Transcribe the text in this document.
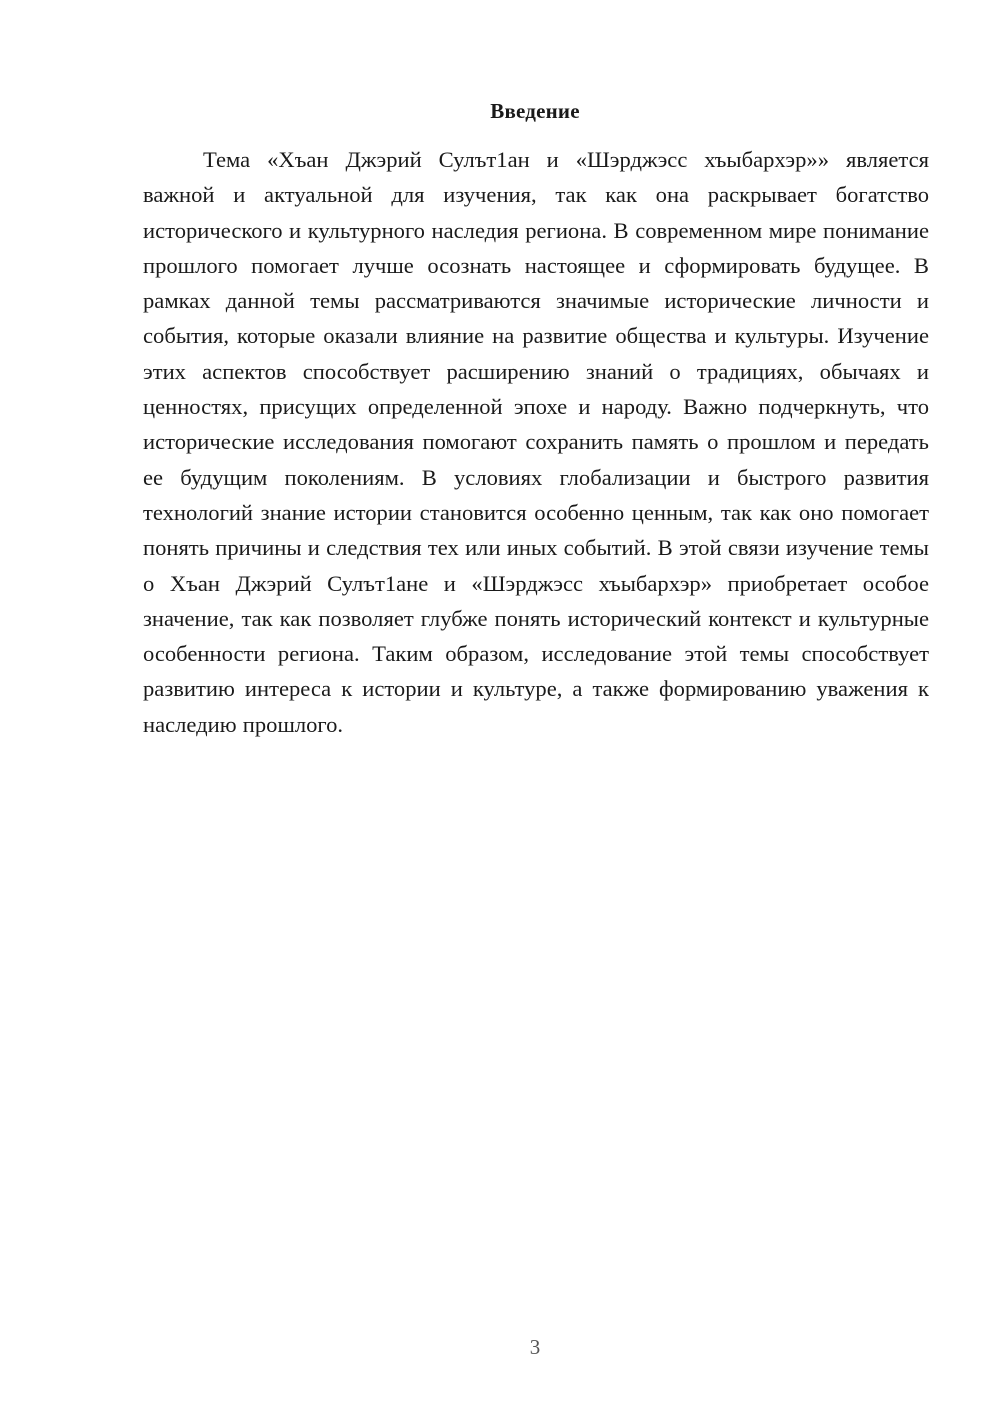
Введение

Тема «Хъан Джэрий Сулът1ан и «Шэрджэсс хъыбархэр»» является важной и актуальной для изучения, так как она раскрывает богатство исторического и культурного наследия региона. В современном мире понимание прошлого помогает лучше осознать настоящее и сформировать будущее. В рамках данной темы рассматриваются значимые исторические личности и события, которые оказали влияние на развитие общества и культуры. Изучение этих аспектов способствует расширению знаний о традициях, обычаях и ценностях, присущих определенной эпохе и народу. Важно подчеркнуть, что исторические исследования помогают сохранить память о прошлом и передать ее будущим поколениям. В условиях глобализации и быстрого развития технологий знание истории становится особенно ценным, так как оно помогает понять причины и следствия тех или иных событий. В этой связи изучение темы о Хъан Джэрий Сулът1ане и «Шэрджэсс хъыбархэр» приобретает особое значение, так как позволяет глубже понять исторический контекст и культурные особенности региона. Таким образом, исследование этой темы способствует развитию интереса к истории и культуре, а также формированию уважения к наследию прошлого.

3
